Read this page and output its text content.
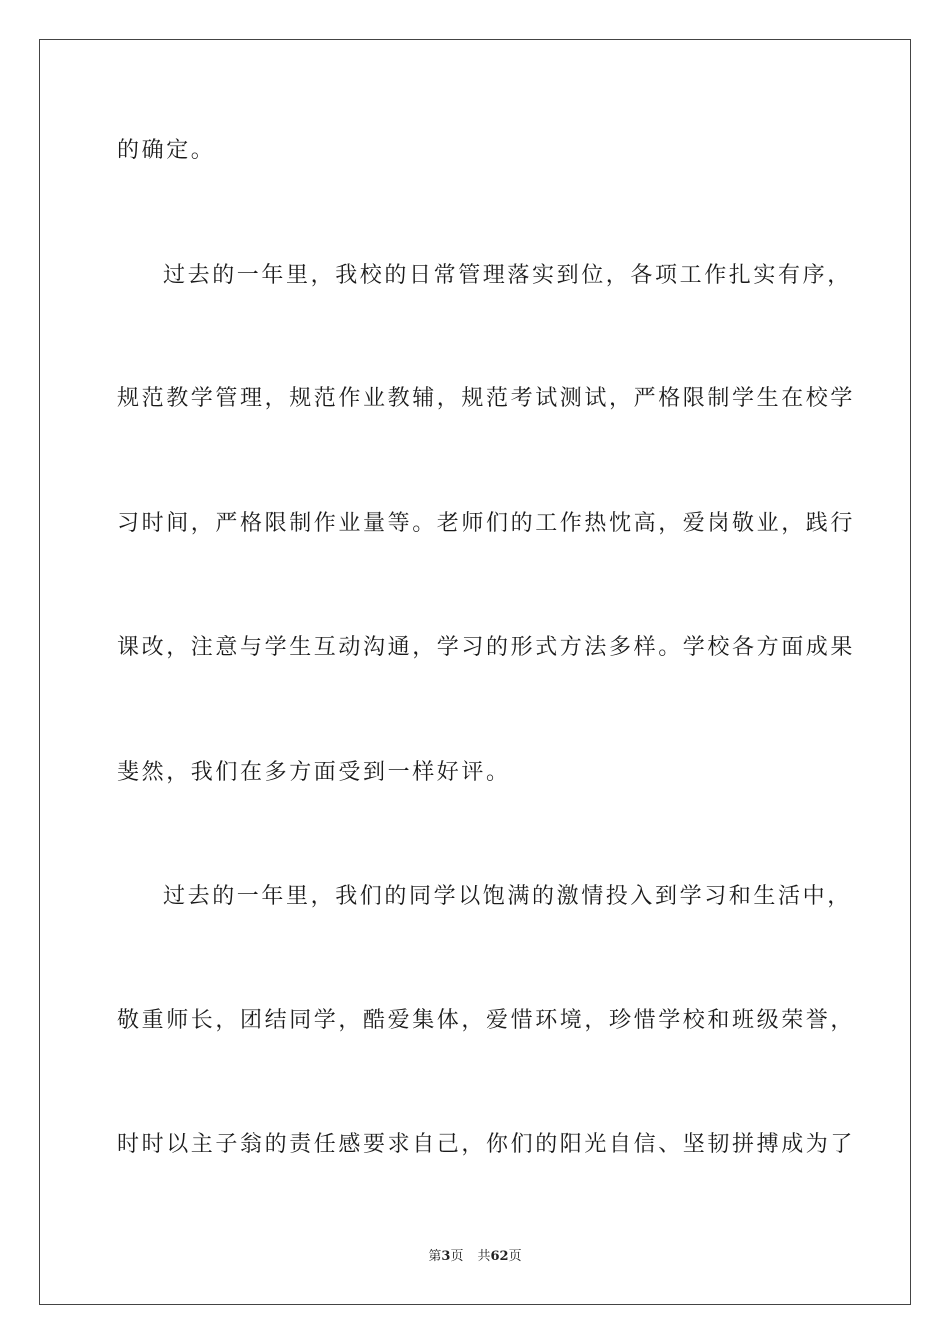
的确定。
过去的一年里，我校的日常管理落实到位，各项工作扎实有序，
规范教学管理，规范作业教辅，规范考试测试，严格限制学生在校学
习时间，严格限制作业量等。老师们的工作热忱高，爱岗敬业，践行
课改，注意与学生互动沟通，学习的形式方法多样。学校各方面成果
斐然，我们在多方面受到一样好评。
过去的一年里，我们的同学以饱满的激情投入到学习和生活中，
敬重师长，团结同学，酷爱集体，爱惜环境，珍惜学校和班级荣誉，
时时以主子翁的责任感要求自己，你们的阳光自信、坚韧拼搏成为了
第3页 共62页
